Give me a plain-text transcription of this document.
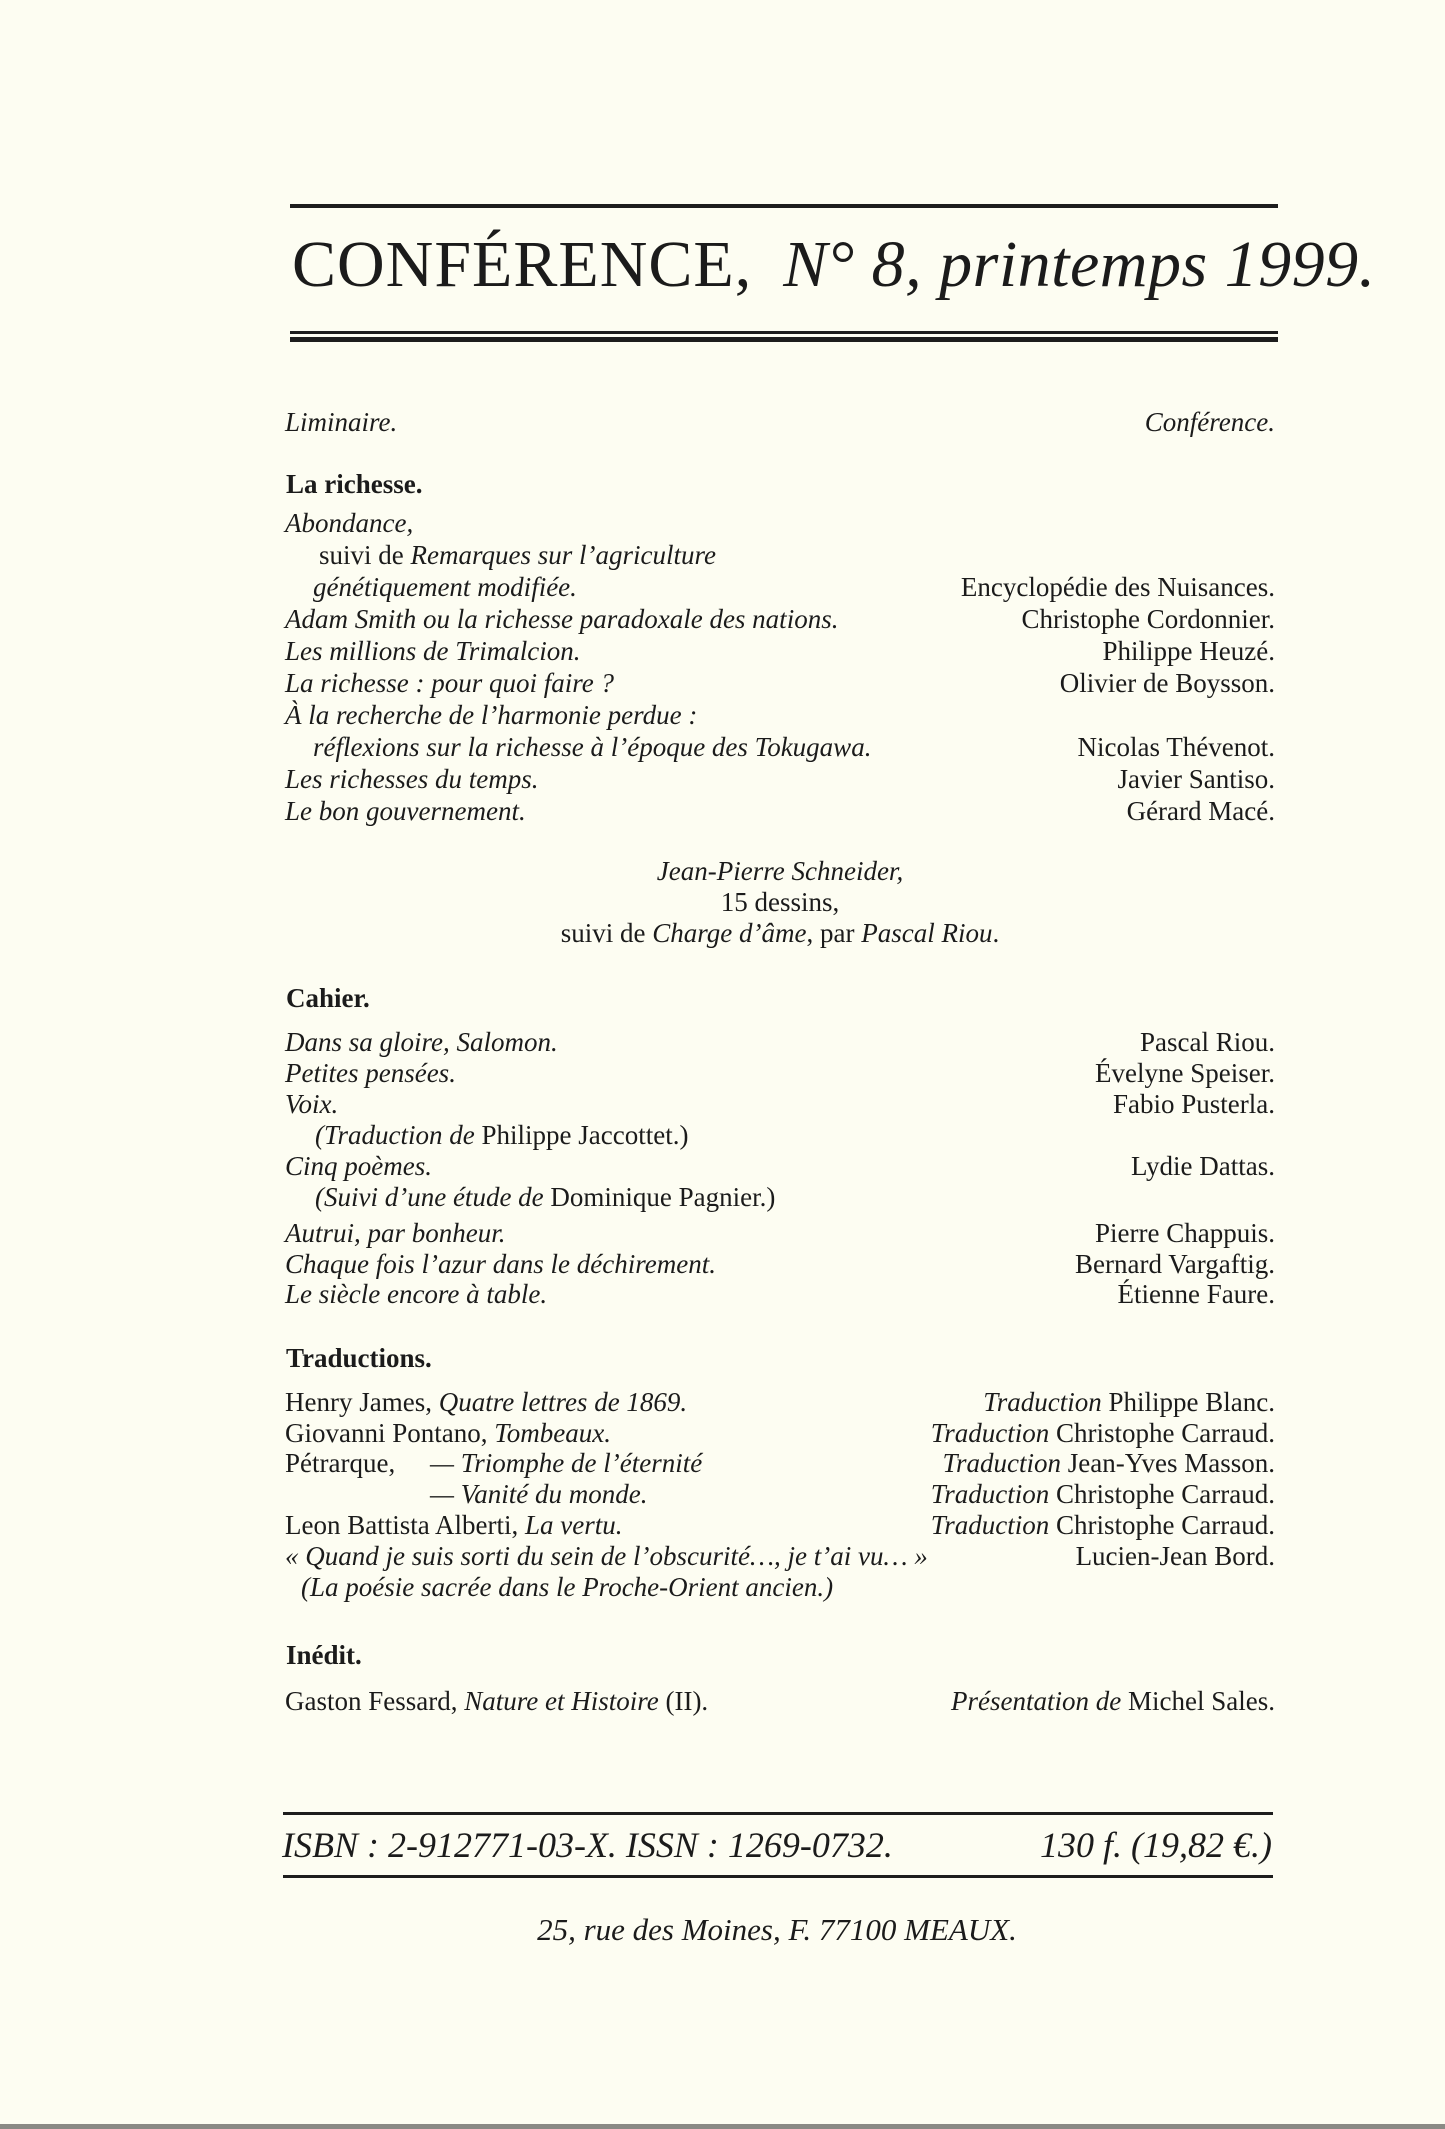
CONFÉRENCE, N° 8, printemps 1999.
Liminaire.	Conférence.
La richesse.
Abondance,
suivi de Remarques sur l’agriculture
génétiquement modifiée.	Encyclopédie des Nuisances.
Adam Smith ou la richesse paradoxale des nations.	Christophe Cordonnier.
Les millions de Trimalcion.	Philippe Heuzé.
La richesse : pour quoi faire ?	Olivier de Boysson.
À la recherche de l’harmonie perdue :
réflexions sur la richesse à l’époque des Tokugawa.	Nicolas Thévenot.
Les richesses du temps.	Javier Santiso.
Le bon gouvernement.	Gérard Macé.
Jean-Pierre Schneider,
15 dessins,
suivi de Charge d’âme, par Pascal Riou.
Cahier.
Dans sa gloire, Salomon.	Pascal Riou.
Petites pensées.	Évelyne Speiser.
Voix.	Fabio Pusterla.
(Traduction de Philippe Jaccottet.)
Cinq poèmes.	Lydie Dattas.
(Suivi d’une étude de Dominique Pagnier.)
Autrui, par bonheur.	Pierre Chappuis.
Chaque fois l’azur dans le déchirement.	Bernard Vargaftig.
Le siècle encore à table.	Étienne Faure.
Traductions.
Henry James, Quatre lettres de 1869.	Traduction Philippe Blanc.
Giovanni Pontano, Tombeaux.	Traduction Christophe Carraud.
Pétrarque, — Triomphe de l’éternité	Traduction Jean-Yves Masson.
— Vanité du monde.	Traduction Christophe Carraud.
Leon Battista Alberti, La vertu.	Traduction Christophe Carraud.
« Quand je suis sorti du sein de l’obscurité…, je t’ai vu… »	Lucien-Jean Bord.
(La poésie sacrée dans le Proche-Orient ancien.)
Inédit.
Gaston Fessard, Nature et Histoire (II).	Présentation de Michel Sales.
ISBN : 2-912771-03-X. ISSN : 1269-0732.	130 f. (19,82 €.)
25, rue des Moines, F. 77100 MEAUX.
